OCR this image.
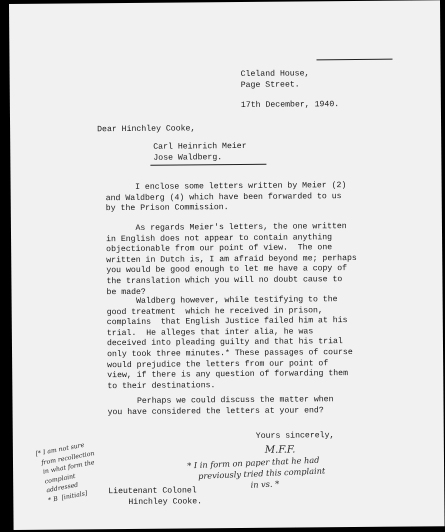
Cleland House,

Page Street.

17th December, 1940.

Dear Hinchley Cooke,

Carl Heinrich Meier

Jose Waldberg.

I enclose some letters written by Meier (2)
and Waldberg (4) which have been forwarded to us
by the Prison Commission.

As regards Meier's letters, the one written
in English does not appear to contain anything
objectionable from our point of view.  The one
written in Dutch is, I am afraid beyond me; perhaps
you would be good enough to let me have a copy of
the translation which you will no doubt cause to
be made?

Waldberg however, while testifying to the
good treatment  which he received in prison,
complains  that English Justice failed him at his
trial.  He alleges that inter alia, he was
deceived into pleading guilty and that his trial
only took three minutes.* These passages of course
would prejudice the letters from our point of
view, if there is any question of forwarding them
to their destinations.

Perhaps we could discuss the matter when
you have considered the letters at your end?

Yours sincerely,

M.F.F.

[* I am not sure
from recollection
in what form the
complaint
addressed
* B  [initials]

* I in form on paper that he had
previously tried this complaint
in vs. *

Lieutenant Colonel

Hinchley Cooke.
